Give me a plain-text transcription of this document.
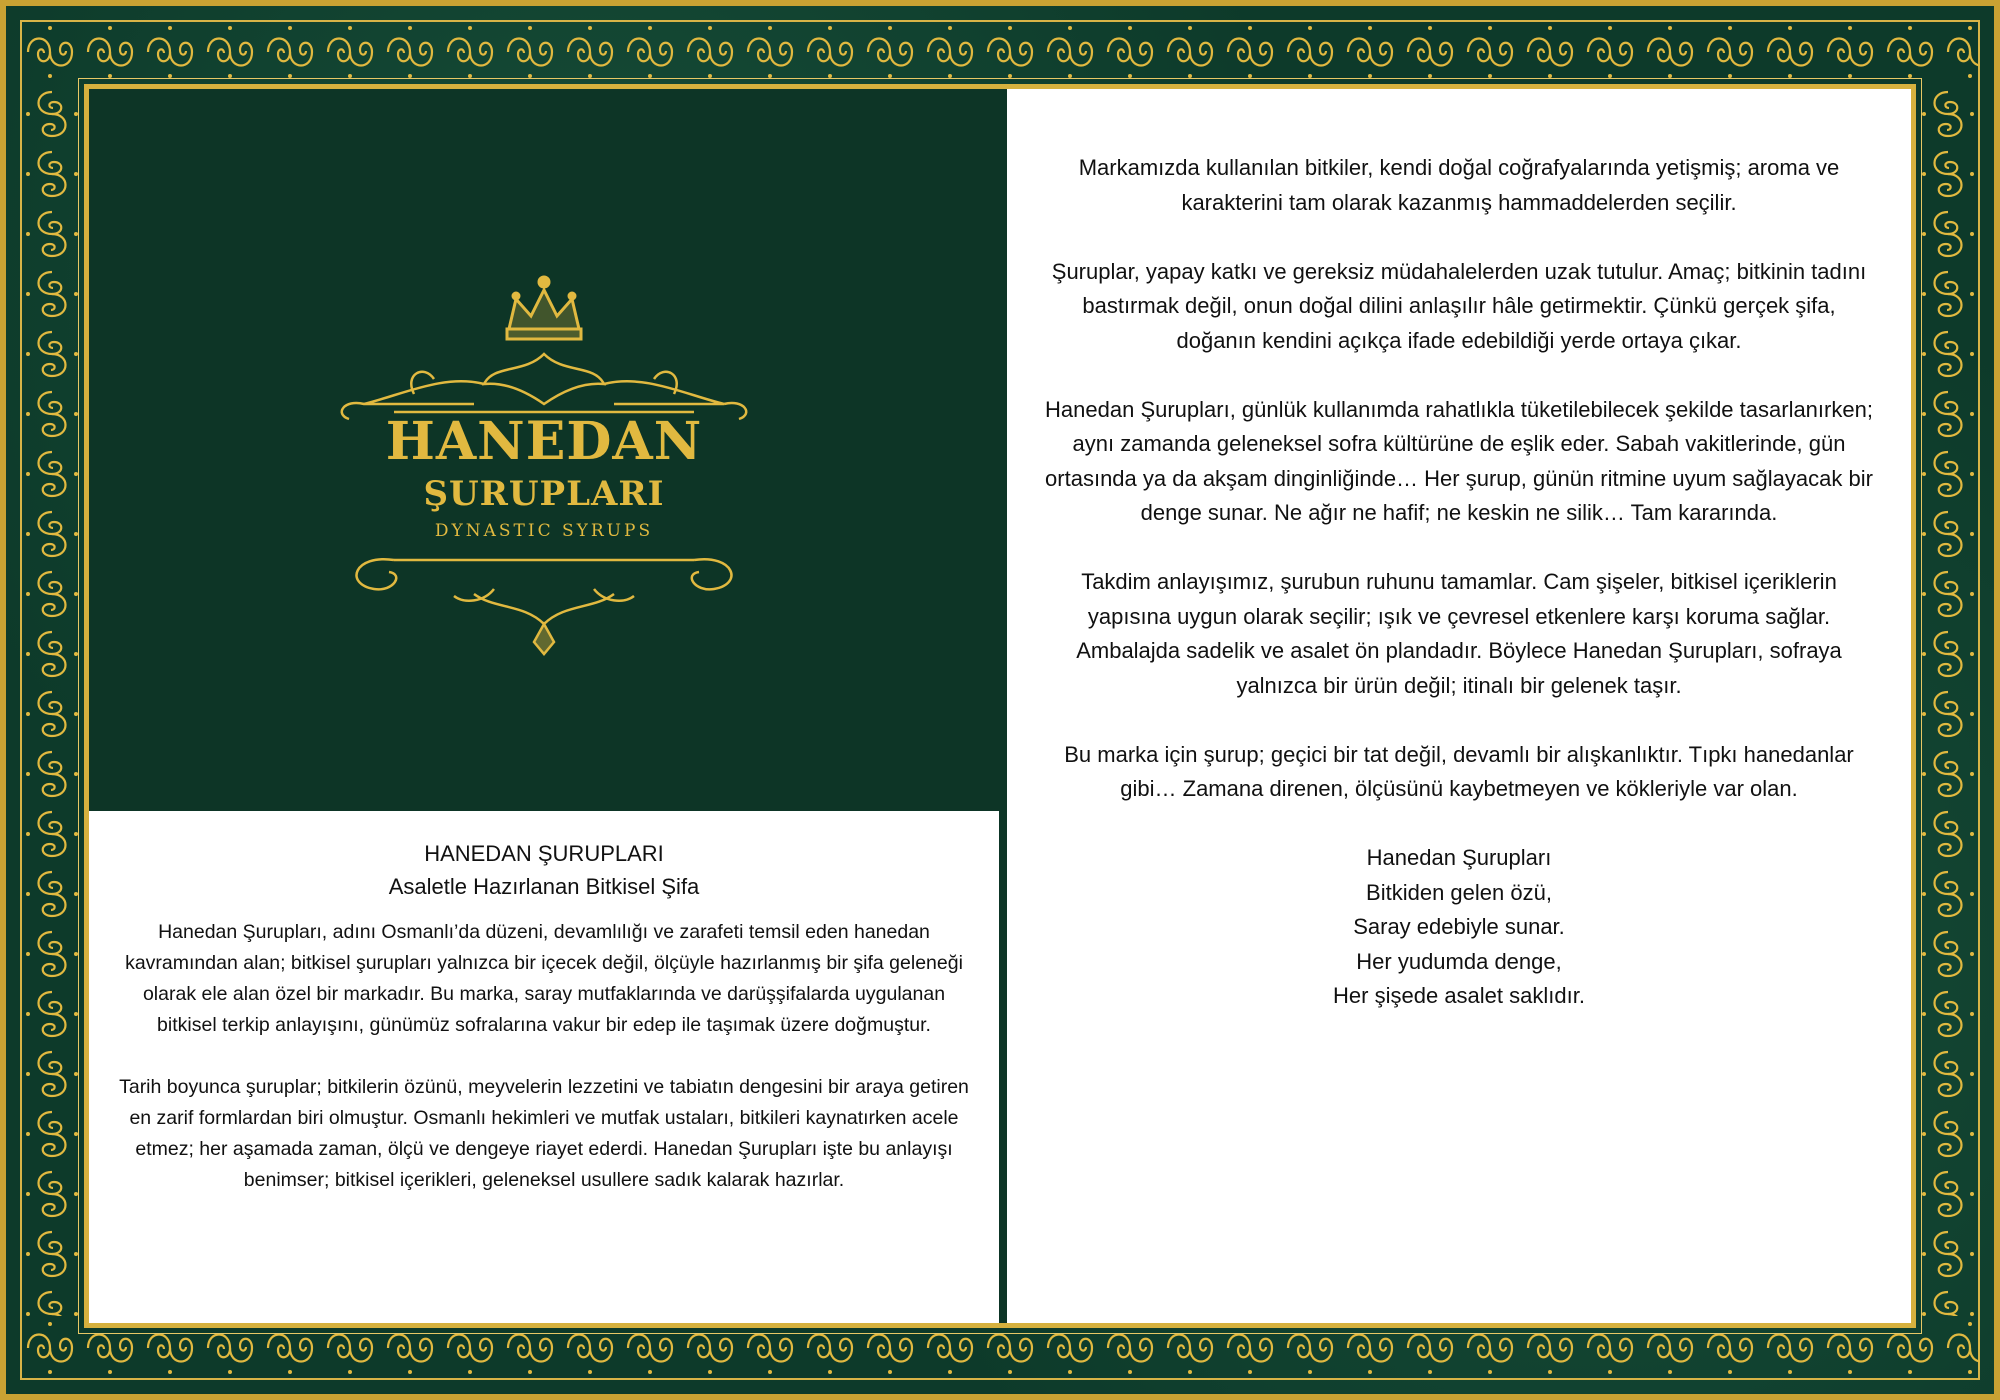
HANEDAN
ŞURUPLARI
DYNASTIC SYRUPS
HANEDAN ŞURUPLARI
Asaletle Hazırlanan Bitkisel Şifa

Hanedan Şurupları, adını Osmanlı’da düzeni, devamlılığı ve zarafeti temsil eden hanedan kavramından alan; bitkisel şurupları yalnızca bir içecek değil, ölçüyle hazırlanmış bir şifa geleneği olarak ele alan özel bir markadır. Bu marka, saray mutfaklarında ve darüşşifalarda uygulanan bitkisel terkip anlayışını, günümüz sofralarına vakur bir edep ile taşımak üzere doğmuştur.

Tarih boyunca şuruplar; bitkilerin özünü, meyvelerin lezzetini ve tabiatın dengesini bir araya getiren en zarif formlardan biri olmuştur. Osmanlı hekimleri ve mutfak ustaları, bitkileri kaynatırken acele etmez; her aşamada zaman, ölçü ve dengeye riayet ederdi. Hanedan Şurupları işte bu anlayışı benimser; bitkisel içerikleri, geleneksel usullere sadık kalarak hazırlar.

Markamızda kullanılan bitkiler, kendi doğal coğrafyalarında yetişmiş; aroma ve karakterini tam olarak kazanmış hammaddelerden seçilir.

Şuruplar, yapay katkı ve gereksiz müdahalelerden uzak tutulur. Amaç; bitkinin tadını bastırmak değil, onun doğal dilini anlaşılır hâle getirmektir. Çünkü gerçek şifa, doğanın kendini açıkça ifade edebildiği yerde ortaya çıkar.

Hanedan Şurupları, günlük kullanımda rahatlıkla tüketilebilecek şekilde tasarlanırken; aynı zamanda geleneksel sofra kültürüne de eşlik eder. Sabah vakitlerinde, gün ortasında ya da akşam dinginliğinde… Her şurup, günün ritmine uyum sağlayacak bir denge sunar. Ne ağır ne hafif; ne keskin ne silik… Tam kararında.

Takdim anlayışımız, şurubun ruhunu tamamlar. Cam şişeler, bitkisel içeriklerin yapısına uygun olarak seçilir; ışık ve çevresel etkenlere karşı koruma sağlar. Ambalajda sadelik ve asalet ön plandadır. Böylece Hanedan Şurupları, sofraya yalnızca bir ürün değil; itinalı bir gelenek taşır.

Bu marka için şurup; geçici bir tat değil, devamlı bir alışkanlıktır. Tıpkı hanedanlar gibi… Zamana direnen, ölçüsünü kaybetmeyen ve kökleriyle var olan.

Hanedan Şurupları
Bitkiden gelen özü,
Saray edebiyle sunar.
Her yudumda denge,
Her şişede asalet saklıdır.
